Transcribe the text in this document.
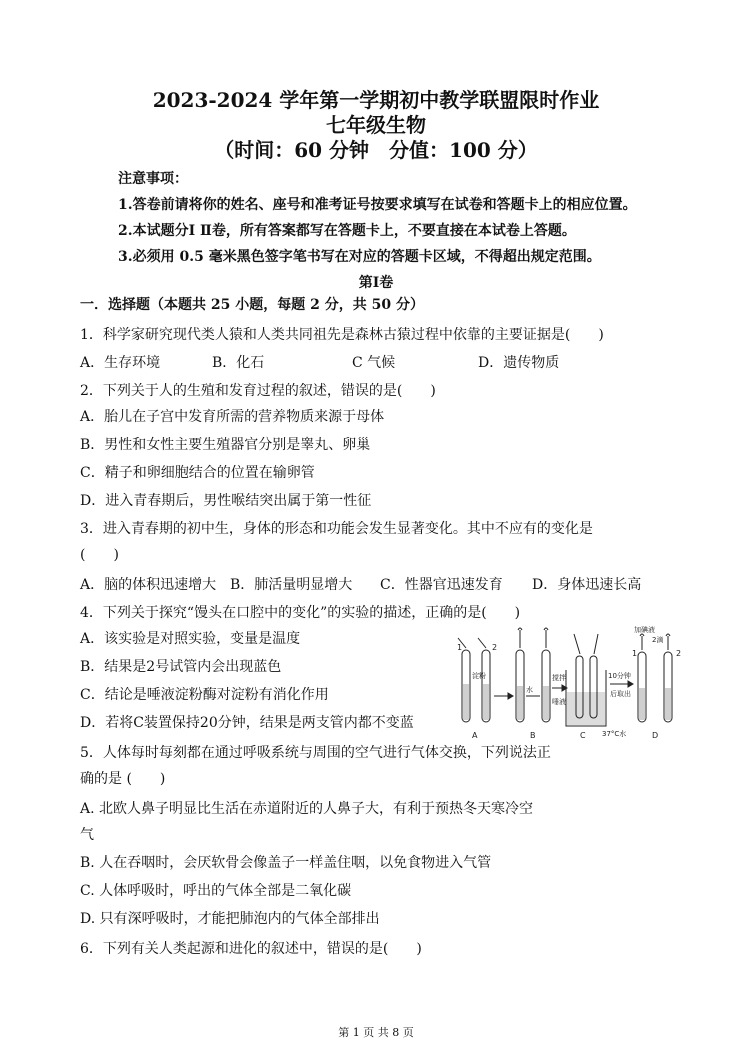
2023-2024 学年第一学期初中教学联盟限时作业
七年级生物
（时间：60 分钟　分值：100 分）
注意事项：
1.答卷前请将你的姓名、座号和准考证号按要求填写在试卷和答题卡上的相应位置。
2.本试题分Ⅰ Ⅱ卷，所有答案都写在答题卡上，不要直接在本试卷上答题。
3.必须用 0.5 毫米黑色签字笔书写在对应的答题卡区域，不得超出规定范围。
第Ⅰ卷
一．选择题（本题共 25 小题，每题 2 分，共 50 分）
1．科学家研究现代类人猿和人类共同祖先是森林古猿过程中依靠的主要证据是(　　)
A．生存环境	B．化石	C 气候	D．遗传物质
2．下列关于人的生殖和发育过程的叙述，错误的是(　　)
A．胎儿在子宫中发育所需的营养物质来源于母体
B．男性和女性主要生殖器官分别是睾丸、卵巢
C．精子和卵细胞结合的位置在输卵管
D．进入青春期后，男性喉结突出属于第一性征
3．进入青春期的初中生，身体的形态和功能会发生显著变化。其中不应有的变化是
(　　)
A．脑的体积迅速增大 B．肺活量明显增大 C．性器官迅速发育 D．身体迅速长高
4．下列关于探究“馒头在口腔中的变化”的实验的描述，正确的是(　　)
A．该实验是对照实验，变量是温度
B．结果是2号试管内会出现蓝色
C．结论是唾液淀粉酶对淀粉有消化作用
D．若将C装置保持20分钟，结果是两支管内都不变蓝
1	2
淀粉
水
搅拌
唾液
10分钟
后取出
37°C水
加碘液
2滴
1	2
A	B	C	D
5．人体每时每刻都在通过呼吸系统与周围的空气进行气体交换，下列说法正
确的是 (　　)
A. 北欧人鼻子明显比生活在赤道附近的人鼻子大，有利于预热冬天寒冷空
气
B. 人在吞咽时，会厌软骨会像盖子一样盖住咽，以免食物进入气管
C. 人体呼吸时，呼出的气体全部是二氧化碳
D. 只有深呼吸时，才能把肺泡内的气体全部排出
6．下列有关人类起源和进化的叙述中，错误的是(　　)
第 1 页 共 8 页
